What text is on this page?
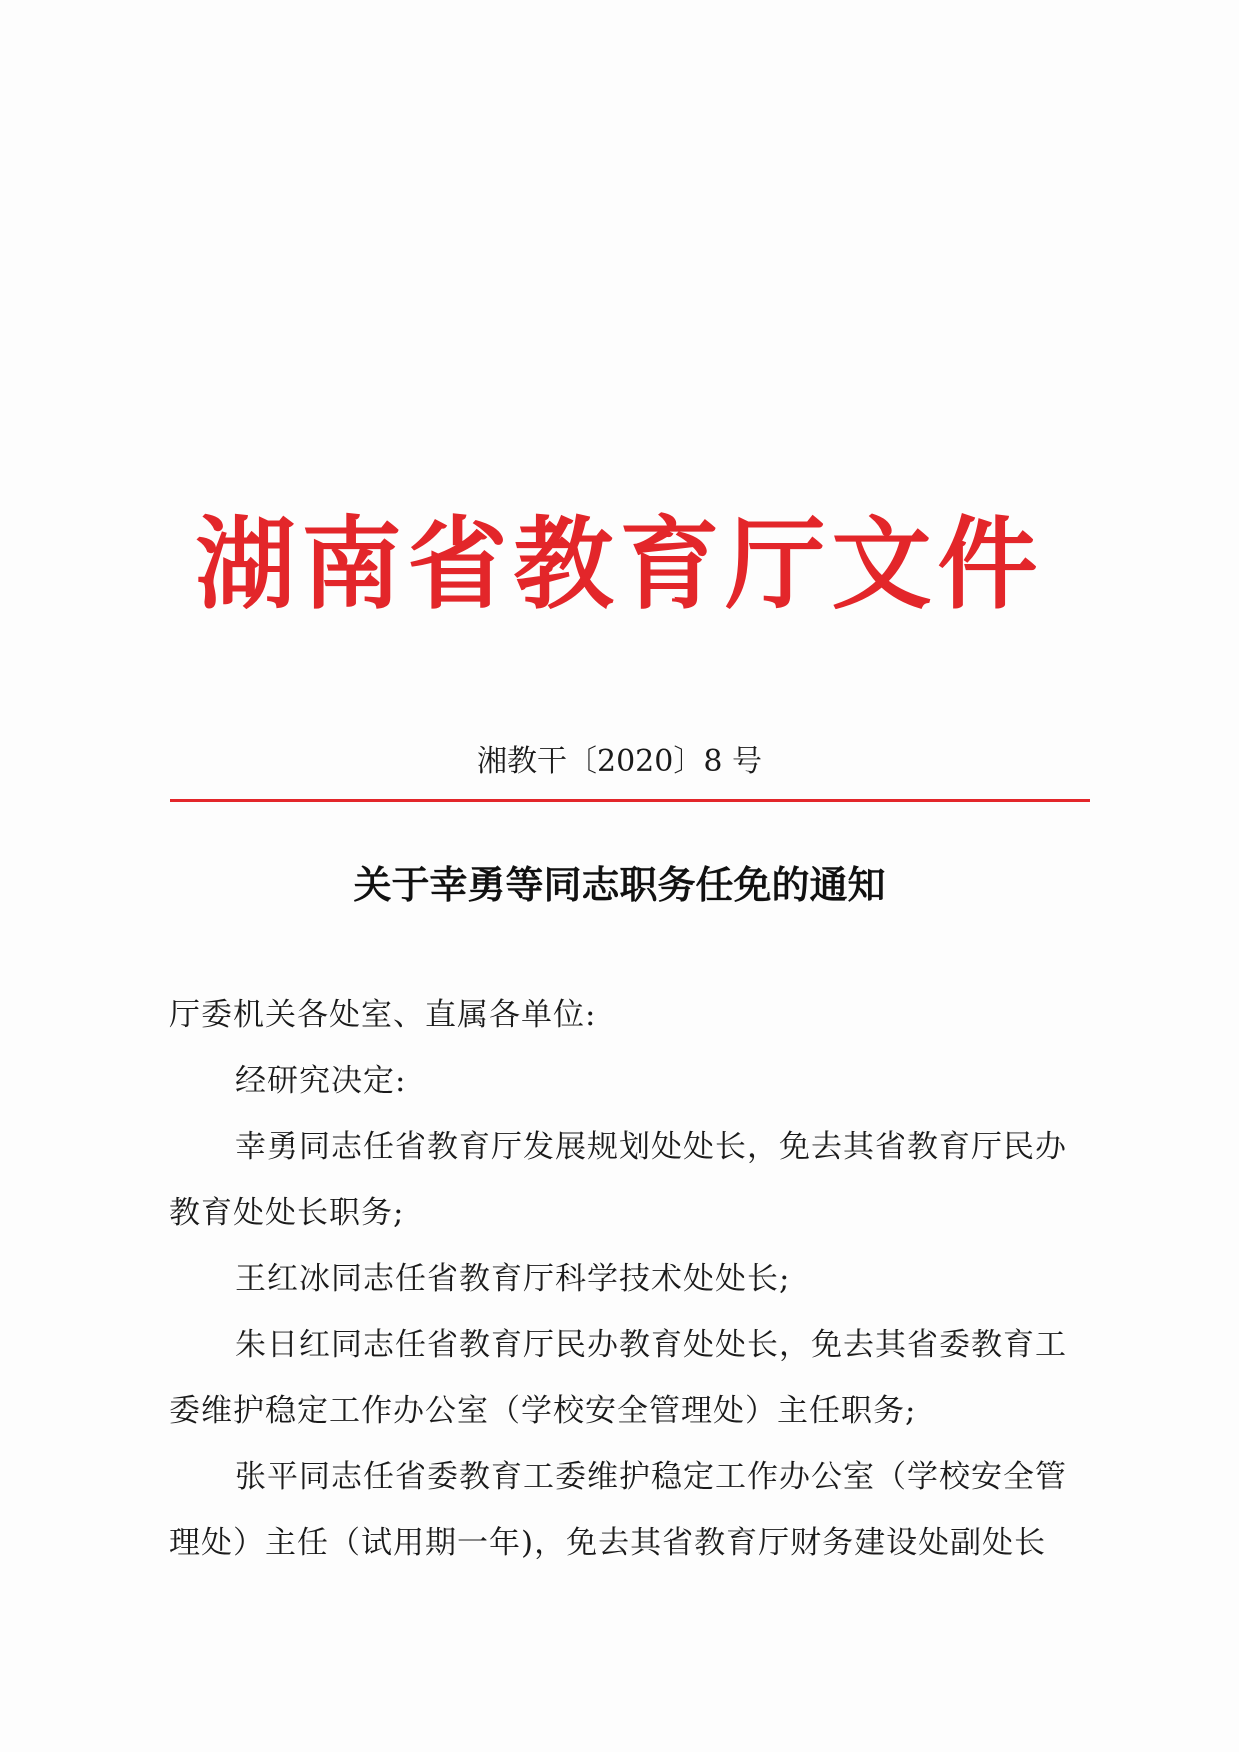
湖南省教育厅文件
湘教干〔2020〕8 号
关于幸勇等同志职务任免的通知

厅委机关各处室、直属各单位:

经研究决定:

幸勇同志任省教育厅发展规划处处长，免去其省教育厅民办教育处处长职务;

王红冰同志任省教育厅科学技术处处长;

朱日红同志任省教育厅民办教育处处长，免去其省委教育工委维护稳定工作办公室（学校安全管理处）主任职务;

张平同志任省委教育工委维护稳定工作办公室（学校安全管理处）主任（试用期一年)，免去其省教育厅财务建设处副处长
